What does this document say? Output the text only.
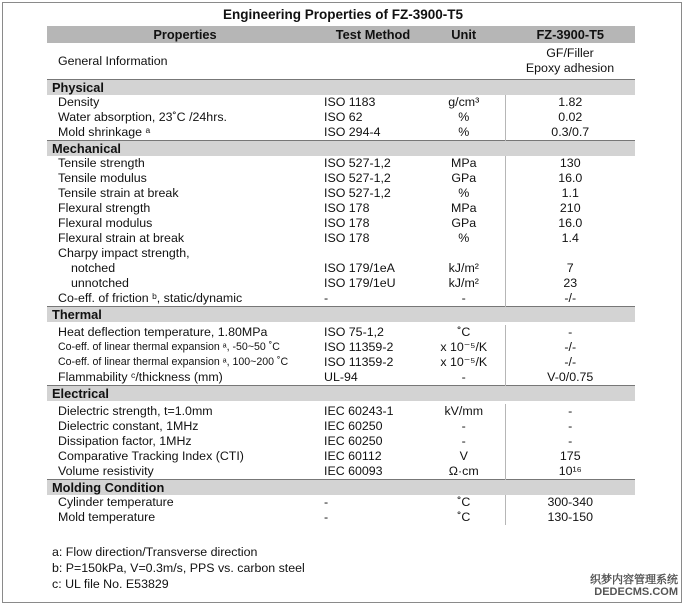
Engineering Properties of FZ-3900-T5
Properties	Test Method	Unit	FZ-3900-T5
General Information			GF/Filler
Epoxy adhesion

Physical			
Density	ISO 1183	g/cm³	1.82
Water absorption, 23˚C /24hrs.	ISO 62	%	0.02
Mold shrinkage ᵃ	ISO 294-4	%	0.3/0.7
Mechanical			
Tensile strength	ISO 527-1,2	MPa	130
Tensile modulus	ISO 527-1,2	GPa	16.0
Tensile strain at break	ISO 527-1,2	%	1.1
Flexural strength	ISO 178	MPa	210
Flexural modulus	ISO 178	GPa	16.0
Flexural strain at break	ISO 178	%	1.4
Charpy impact strength,			
notched	ISO 179/1eA	kJ/m²	7
unnotched	ISO 179/1eU	kJ/m²	23
Co-eff. of friction ᵇ, static/dynamic	-	-	-/-
Thermal			

Heat deflection temperature, 1.80MPa	ISO 75-1,2	˚C	-
Co-eff. of linear thermal expansion ᵃ, -50~50 ˚C	ISO 11359-2	x 10⁻⁵/K	-/-
Co-eff. of linear thermal expansion ᵃ, 100~200 ˚C	ISO 11359-2	x 10⁻⁵/K	-/-
Flammability ᶜ/thickness (mm)	UL-94	-	V-0/0.75
Electrical			

Dielectric strength, t=1.0mm	IEC 60243-1	kV/mm	-
Dielectric constant, 1MHz	IEC 60250	-	-
Dissipation factor, 1MHz	IEC 60250	-	-
Comparative Tracking Index (CTI)	IEC 60112	V	175
Volume resistivity	IEC 60093	Ω·cm	10¹⁶
Molding Condition			
Cylinder temperature	-	˚C	300-340
Mold temperature	-	˚C	130-150
a: Flow direction/Transverse direction
b: P=150kPa, V=0.3m/s, PPS vs. carbon steel
c: UL file No. E53829	织梦内容管理系统
DEDECMS.COM
